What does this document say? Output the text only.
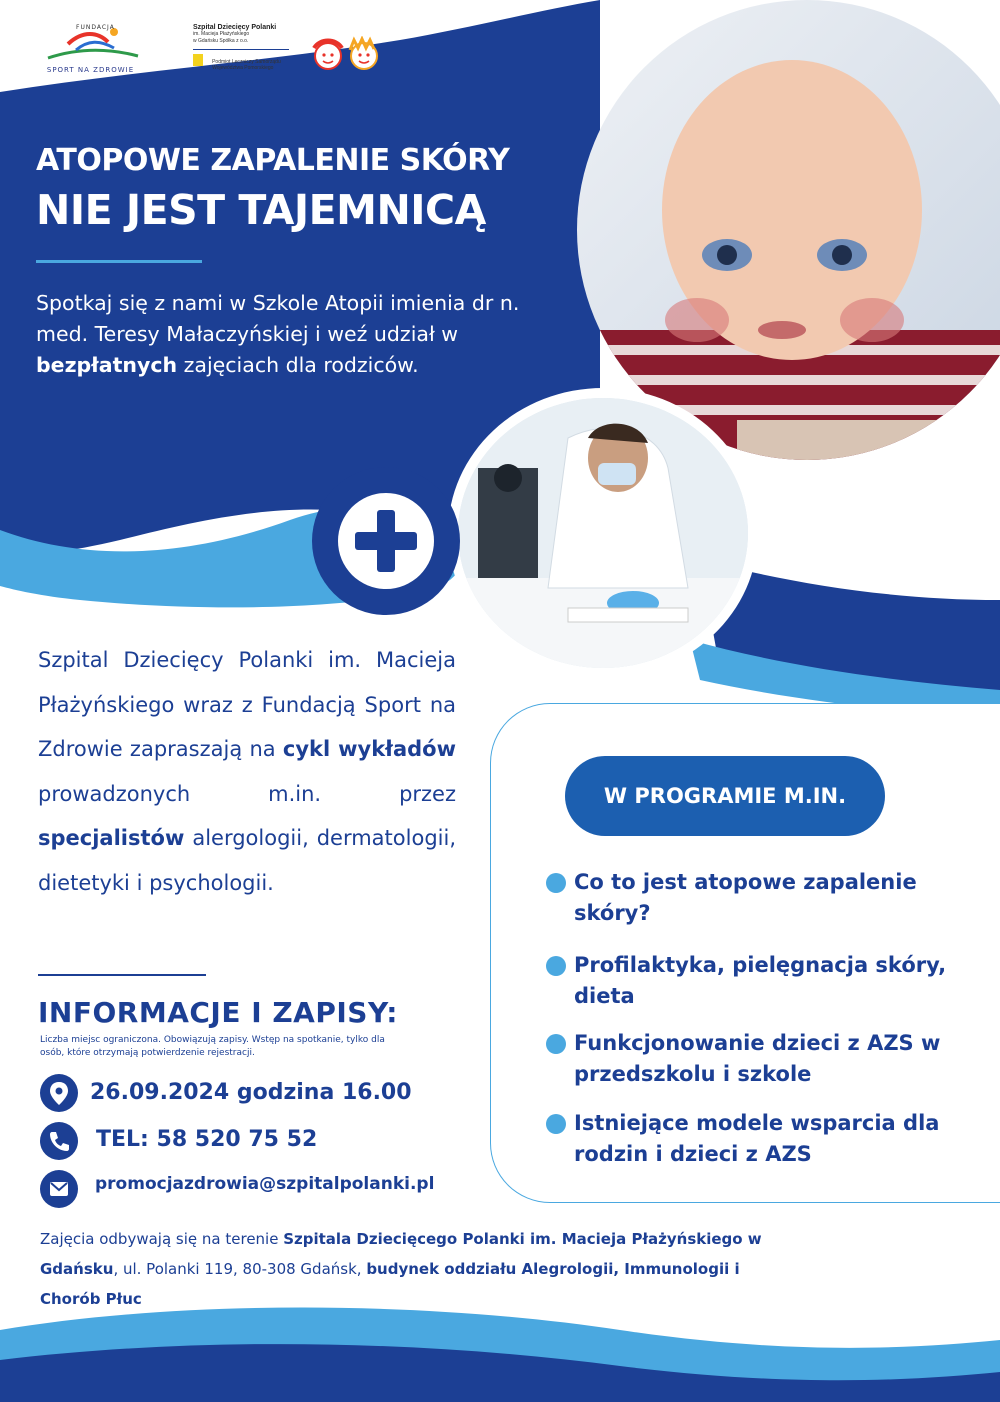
FUNDACJA
SPORT NA ZDROWIE
Szpital Dziecięcy Polanki
im. Macieja Płażyńskiego
w Gdańsku Spółka z o.o.
Podmiot Leczniczy Samorządu
Województwa Pomorskiego
ATOPOWE ZAPALENIE SKÓRY
NIE JEST TAJEMNICĄ
Spotkaj się z nami w Szkole Atopii imienia dr n. med. Teresy Małaczyńskiej i weź udział w bezpłatnych zajęciach dla rodziców.
Szpital Dziecięcy Polanki im. Macieja Płażyńskiego wraz z Fundacją Sport na Zdrowie zapraszają na cykl wykładów prowadzonych m.in. przez specjalistów alergologii, dermatologii, dietetyki i psychologii.
INFORMACJE I ZAPISY:
Liczba miejsc ograniczona. Obowiązują zapisy. Wstęp na spotkanie, tylko dla osób, które otrzymają potwierdzenie rejestracji.
26.09.2024 godzina 16.00
TEL: 58 520 75 52
promocjazdrowia@szpitalpolanki.pl
W PROGRAMIE M.IN.
Co to jest atopowe zapalenie skóry?
Profilaktyka, pielęgnacja skóry, dieta
Funkcjonowanie dzieci z AZS w przedszkolu i szkole
Istniejące modele wsparcia dla rodzin i dzieci z AZS
Zajęcia odbywają się na terenie Szpitala Dziecięcego Polanki im. Macieja Płażyńskiego w Gdańsku, ul. Polanki 119, 80-308 Gdańsk, budynek oddziału Alegrologii, Immunologii i Chorób Płuc
